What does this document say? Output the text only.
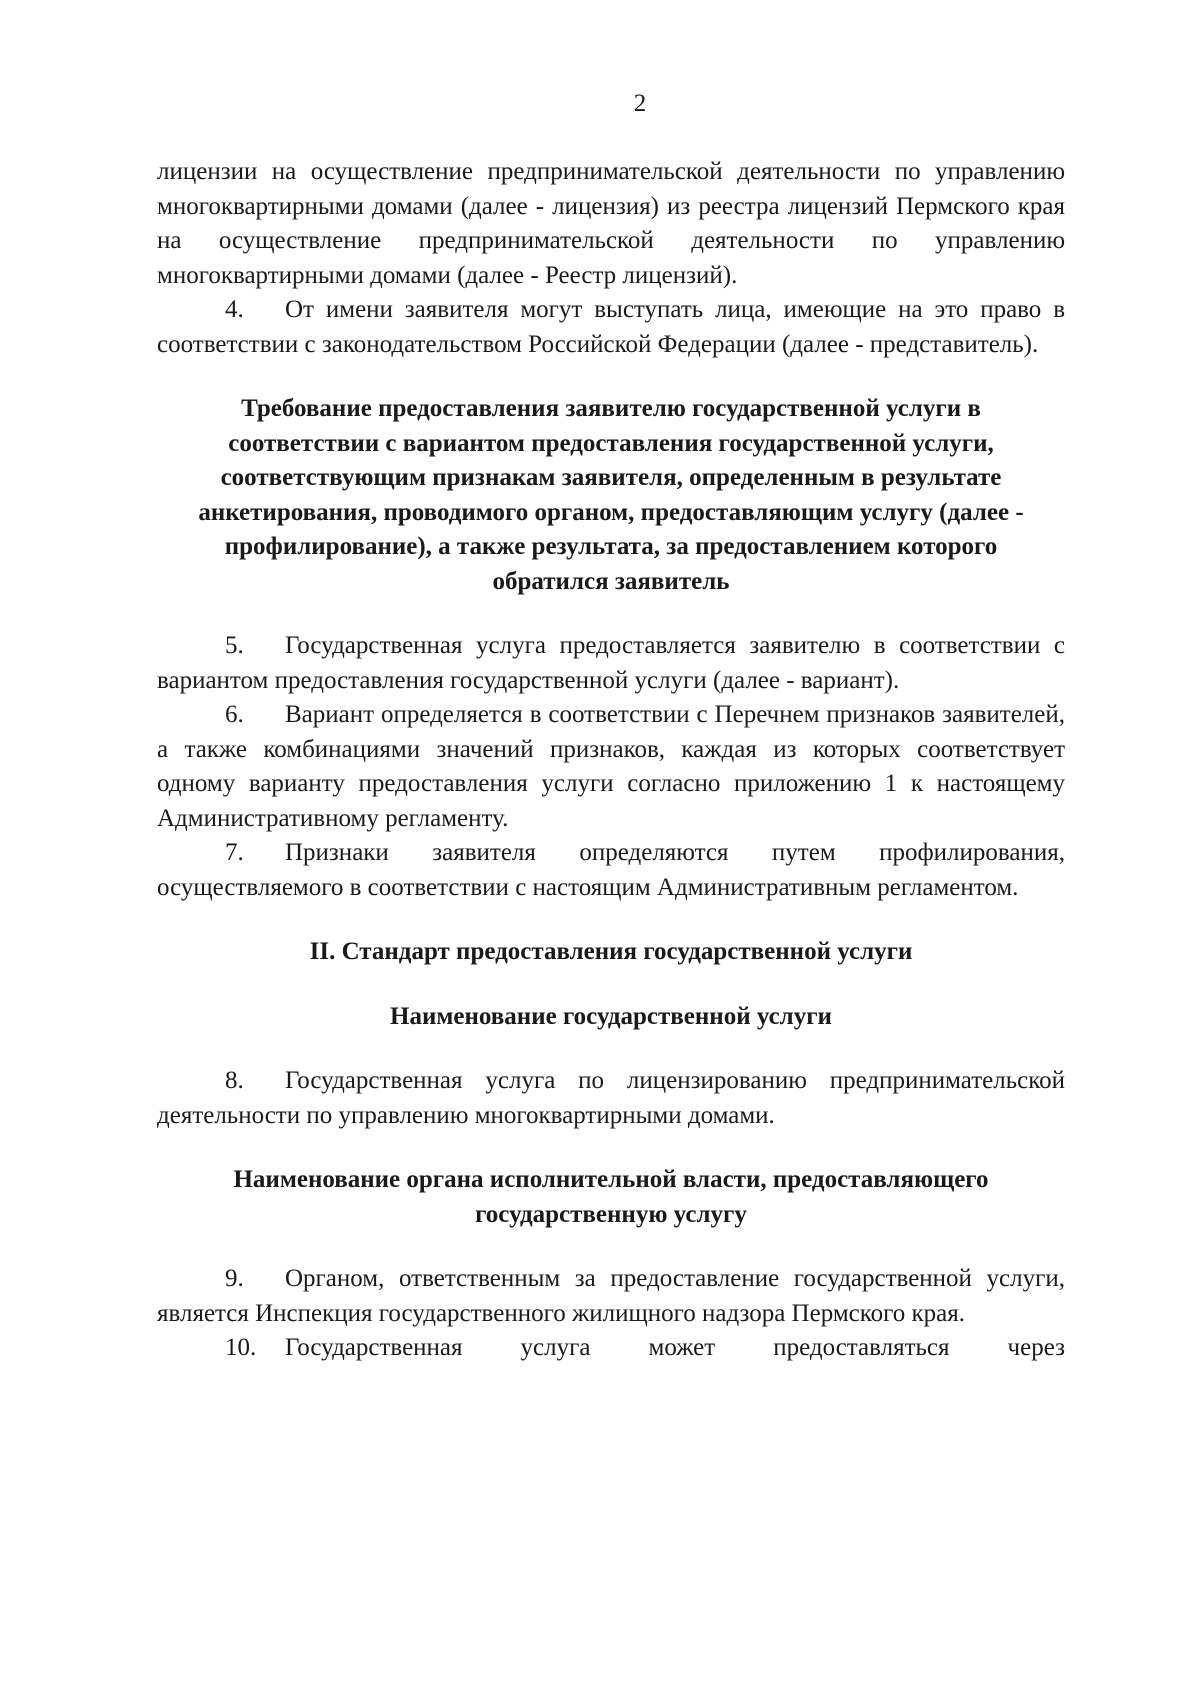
2

лицензии на осуществление предпринимательской деятельности по управлению многоквартирными домами (далее - лицензия) из реестра лицензий Пермского края на осуществление предпринимательской деятельности по управлению многоквартирными домами (далее - Реестр лицензий).

4. От имени заявителя могут выступать лица, имеющие на это право в соответствии с законодательством Российской Федерации (далее - представитель).

Требование предоставления заявителю государственной услуги в соответствии с вариантом предоставления государственной услуги, соответствующим признакам заявителя, определенным в результате анкетирования, проводимого органом, предоставляющим услугу (далее - профилирование), а также результата, за предоставлением которого обратился заявитель

5. Государственная услуга предоставляется заявителю в соответствии с вариантом предоставления государственной услуги (далее - вариант).

6. Вариант определяется в соответствии с Перечнем признаков заявителей, а также комбинациями значений признаков, каждая из которых соответствует одному варианту предоставления услуги согласно приложению 1 к настоящему Административному регламенту.

7. Признаки заявителя определяются путем профилирования, осуществляемого в соответствии с настоящим Административным регламентом.

II. Стандарт предоставления государственной услуги

Наименование государственной услуги

8. Государственная услуга по лицензированию предпринимательской деятельности по управлению многоквартирными домами.

Наименование органа исполнительной власти, предоставляющего государственную услугу

9. Органом, ответственным за предоставление государственной услуги, является Инспекция государственного жилищного надзора Пермского края.

10. Государственная услуга может предоставляться через
